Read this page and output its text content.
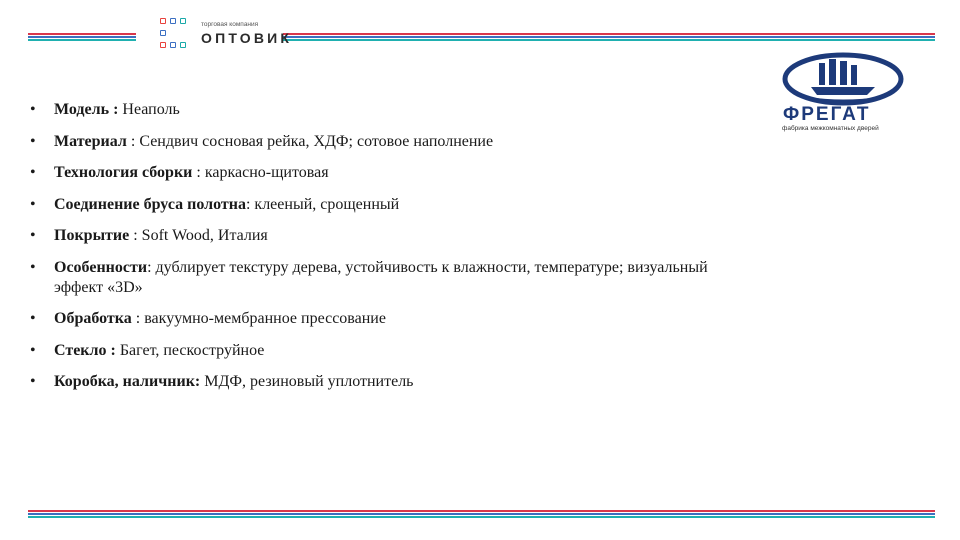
торговая компания
ОПТОВИК
ФРЕГАТ
фабрика межкомнатных дверей
• Модель : Неаполь
• Материал : Сендвич сосновая рейка, ХДФ; сотовое наполнение
• Технология сборки : каркасно-щитовая
• Соединение бруса полотна: клееный, срощенный
• Покрытие : Soft Wood, Италия
• Особенности: дублирует текстуру дерева, устойчивость к влажности, температуре; визуальный эффект «3D»
• Обработка : вакуумно-мембранное прессование
• Стекло : Багет, пескоструйное
• Коробка, наличник: МДФ, резиновый уплотнитель
